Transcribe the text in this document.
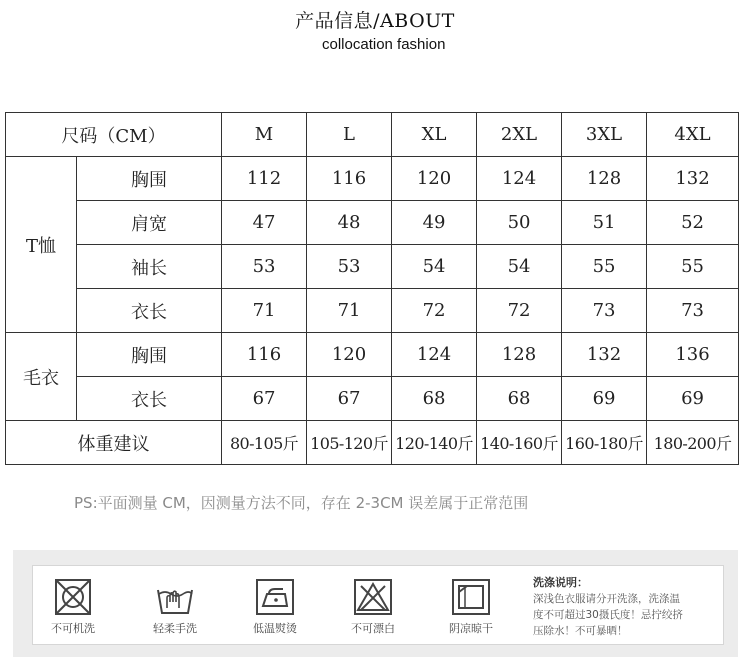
产品信息/ABOUT
collocation fashion
尺码（CM）		M	L	XL	2XL	3XL	4XL
T恤	胸围	112	116	120	124	128	132
	肩宽	47	48	49	50	51	52
	袖长	53	53	54	54	55	55
	衣长	71	71	72	72	73	73
毛衣	胸围	116	120	124	128	132	136
	衣长	67	67	68	68	69	69
体重建议		80-105斤	105-120斤	120-140斤	140-160斤	160-180斤	180-200斤
PS:平面测量 CM，因测量方法不同，存在 2-3CM 误差属于正常范围
不可机洗	轻柔手洗	低温熨烫	不可漂白	阴凉晾干
洗涤说明：
深浅色衣服请分开洗涤，洗涤温
度不可超过30摄氏度！忌拧绞挤
压除水！不可暴晒！
